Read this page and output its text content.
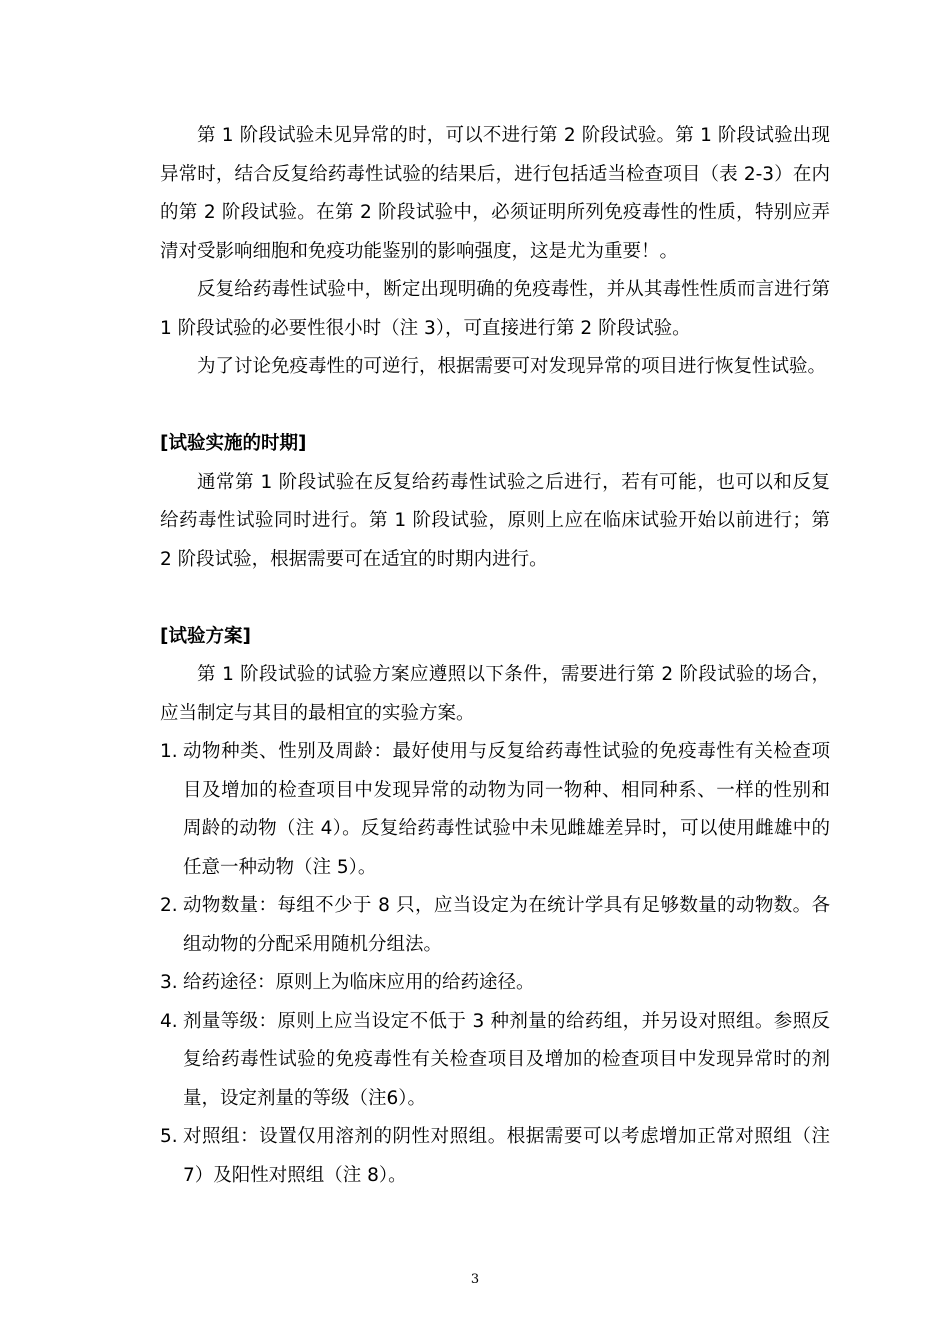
第 1 阶段试验未见异常的时，可以不进行第 2 阶段试验。第 1 阶段试验出现异常时，结合反复给药毒性试验的结果后，进行包括适当检查项目（表 2-3）在内的第 2 阶段试验。在第 2 阶段试验中，必须证明所列免疫毒性的性质，特别应弄清对受影响细胞和免疫功能鉴别的影响强度，这是尤为重要！。

反复给药毒性试验中，断定出现明确的免疫毒性，并从其毒性性质而言进行第 1 阶段试验的必要性很小时（注 3），可直接进行第 2 阶段试验。

为了讨论免疫毒性的可逆行，根据需要可对发现异常的项目进行恢复性试验。

[试验实施的时期]

通常第 1 阶段试验在反复给药毒性试验之后进行，若有可能，也可以和反复给药毒性试验同时进行。第 1 阶段试验，原则上应在临床试验开始以前进行；第 2 阶段试验，根据需要可在适宜的时期内进行。

[试验方案]

第 1 阶段试验的试验方案应遵照以下条件，需要进行第 2 阶段试验的场合，应当制定与其目的最相宜的实验方案。

1. 动物种类、性别及周龄：最好使用与反复给药毒性试验的免疫毒性有关检查项目及增加的检查项目中发现异常的动物为同一物种、相同种系、一样的性别和周龄的动物（注 4）。反复给药毒性试验中未见雌雄差异时，可以使用雌雄中的任意一种动物（注 5）。
2. 动物数量：每组不少于 8 只，应当设定为在统计学具有足够数量的动物数。各组动物的分配采用随机分组法。
3. 给药途径：原则上为临床应用的给药途径。
4. 剂量等级：原则上应当设定不低于 3 种剂量的给药组，并另设对照组。参照反复给药毒性试验的免疫毒性有关检查项目及增加的检查项目中发现异常时的剂量，设定剂量的等级（注6）。
5. 对照组：设置仅用溶剂的阴性对照组。根据需要可以考虑增加正常对照组（注 7）及阳性对照组（注 8）。
3
